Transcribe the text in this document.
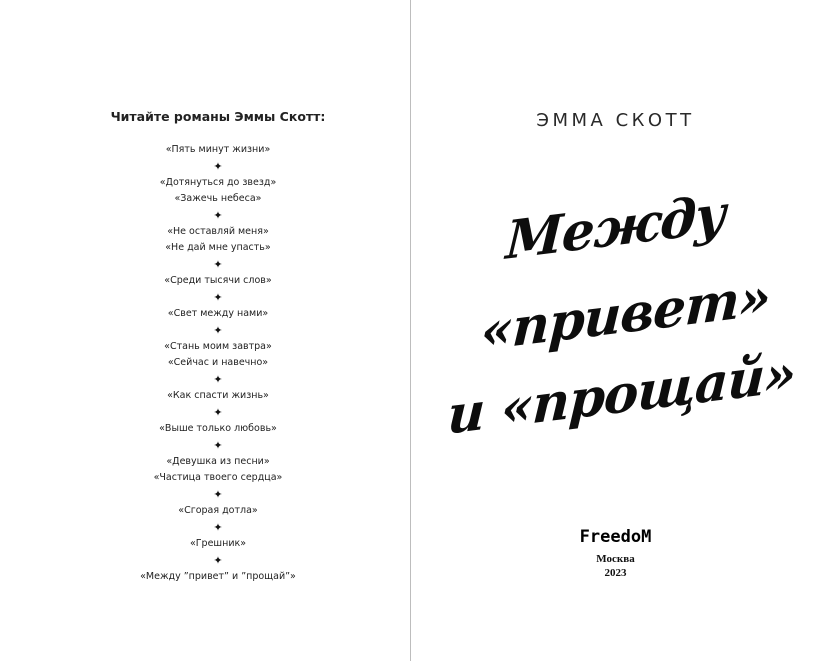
Читайте романы Эммы Скотт:
«Пять минут жизни»
✦
«Дотянуться до звезд»
«Зажечь небеса»
✦
«Не оставляй меня»
«Не дай мне упасть»
✦
«Среди тысячи слов»
✦
«Свет между нами»
✦
«Стань моим завтра»
«Сейчас и навечно»
✦
«Как спасти жизнь»
✦
«Выше только любовь»
✦
«Девушка из песни»
«Частица твоего сердца»
✦
«Сгорая дотла»
✦
«Грешник»
✦
«Между ”привет” и ”прощай”»
ЭММА СКОТТ
Между
«привет»
и «прощай»
FreedoM
Москва
2023
